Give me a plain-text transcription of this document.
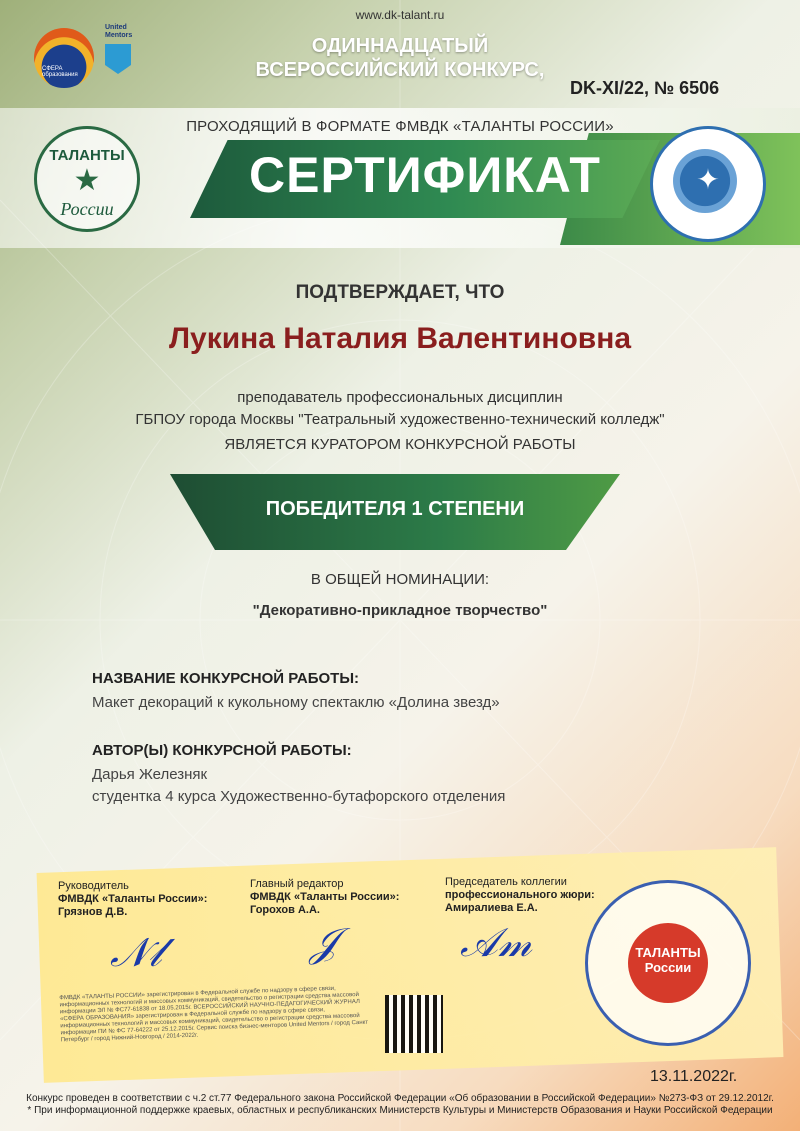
www.dk-talant.ru
СФЕРА образования
United Mentors	ОДИННАДЦАТЫЙ
ВСЕРОССИЙСКИЙ КОНКУРС,
DK-XI/22, № 6506
ПРОХОДЯЩИЙ В ФОРМАТЕ ФМВДК «ТАЛАНТЫ РОССИИ»
СЕРТИФИКАТ
ТАЛАНТЫ
★
России
✦
ПОДТВЕРЖДАЕТ, ЧТО
Лукина Наталия Валентиновна
преподаватель профессиональных дисциплин
ГБПОУ города Москвы "Театральный художественно-технический колледж"
ЯВЛЯЕТСЯ КУРАТОРОМ КОНКУРСНОЙ РАБОТЫ
ПОБЕДИТЕЛЯ 1 СТЕПЕНИ
В ОБЩЕЙ НОМИНАЦИИ:
"Декоративно-прикладное творчество"
НАЗВАНИЕ КОНКУРСНОЙ РАБОТЫ:
Макет декораций к кукольному спектаклю «Долина звезд»
АВТОР(Ы) КОНКУРСНОЙ РАБОТЫ:
Дарья Железняк
студентка 4 курса Художественно-бутафорского отделения
Руководитель
ФМВДК «Таланты России»:
Грязнов Д.В.
Главный редактор
ФМВДК «Таланты России»:
Горохов А.А.
Председатель коллегии
профессионального жюри:
Амиралиева Е.А.
𝒩𝓁	𝒥	𝒜𝓂
ФМВДК «ТАЛАНТЫ РОССИИ» зарегистрирован в Федеральной службе по надзору в сфере связи, информационных технологий и массовых коммуникаций, свидетельство о регистрации средства массовой информации ЭЛ № ФС77-61838 от 18.05.2015г. ВСЕРОССИЙСКИЙ НАУЧНО-ПЕДАГОГИЧЕСКИЙ ЖУРНАЛ «СФЕРА ОБРАЗОВАНИЯ» зарегистрирован в Федеральной службе по надзору в сфере связи, информационных технологий и массовых коммуникаций, свидетельство о регистрации средства массовой информации ПИ № ФС 77-64222 от 25.12.2015г. Сервис поиска бизнес-менторов United Mentors / город Санкт Петербург / город Нижний-Новгород / 2014-2022г.
ТАЛАНТЫ России
13.11.2022г.
Конкурс проведен в соответствии с ч.2 ст.77 Федерального закона Российской Федерации «Об образовании в Российской Федерации» №273-ФЗ от 29.12.2012г.
* При информационной поддержке краевых, областных и республиканских Министерств Культуры и Министерств Образования и Науки Российской Федерации
